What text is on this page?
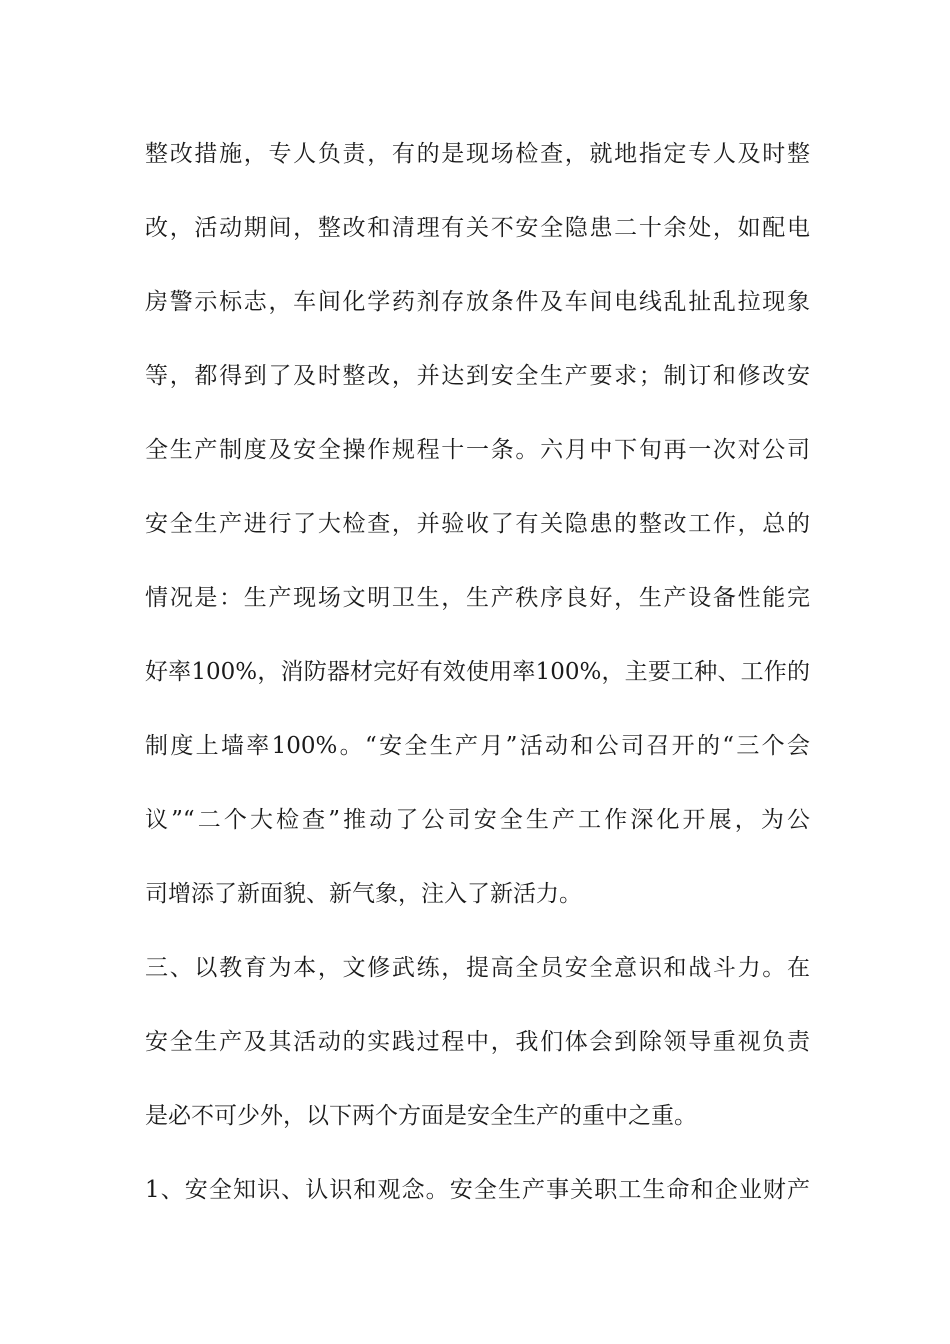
整改措施，专人负责，有的是现场检查，就地指定专人及时整
改，活动期间，整改和清理有关不安全隐患二十余处，如配电
房警示标志，车间化学药剂存放条件及车间电线乱扯乱拉现象
等，都得到了及时整改，并达到安全生产要求；制订和修改安
全生产制度及安全操作规程十一条。六月中下旬再一次对公司
安全生产进行了大检查，并验收了有关隐患的整改工作，总的
情况是：生产现场文明卫生，生产秩序良好，生产设备性能完
好率100%，消防器材完好有效使用率100%，主要工种、工作的
制度上墙率100%。“安全生产月”活动和公司召开的“三个会
议”“二个大检查”推动了公司安全生产工作深化开展，为公
司增添了新面貌、新气象，注入了新活力。
三、以教育为本，文修武练，提高全员安全意识和战斗力。在
安全生产及其活动的实践过程中，我们体会到除领导重视负责
是必不可少外，以下两个方面是安全生产的重中之重。
1、安全知识、认识和观念。安全生产事关职工生命和企业财产
